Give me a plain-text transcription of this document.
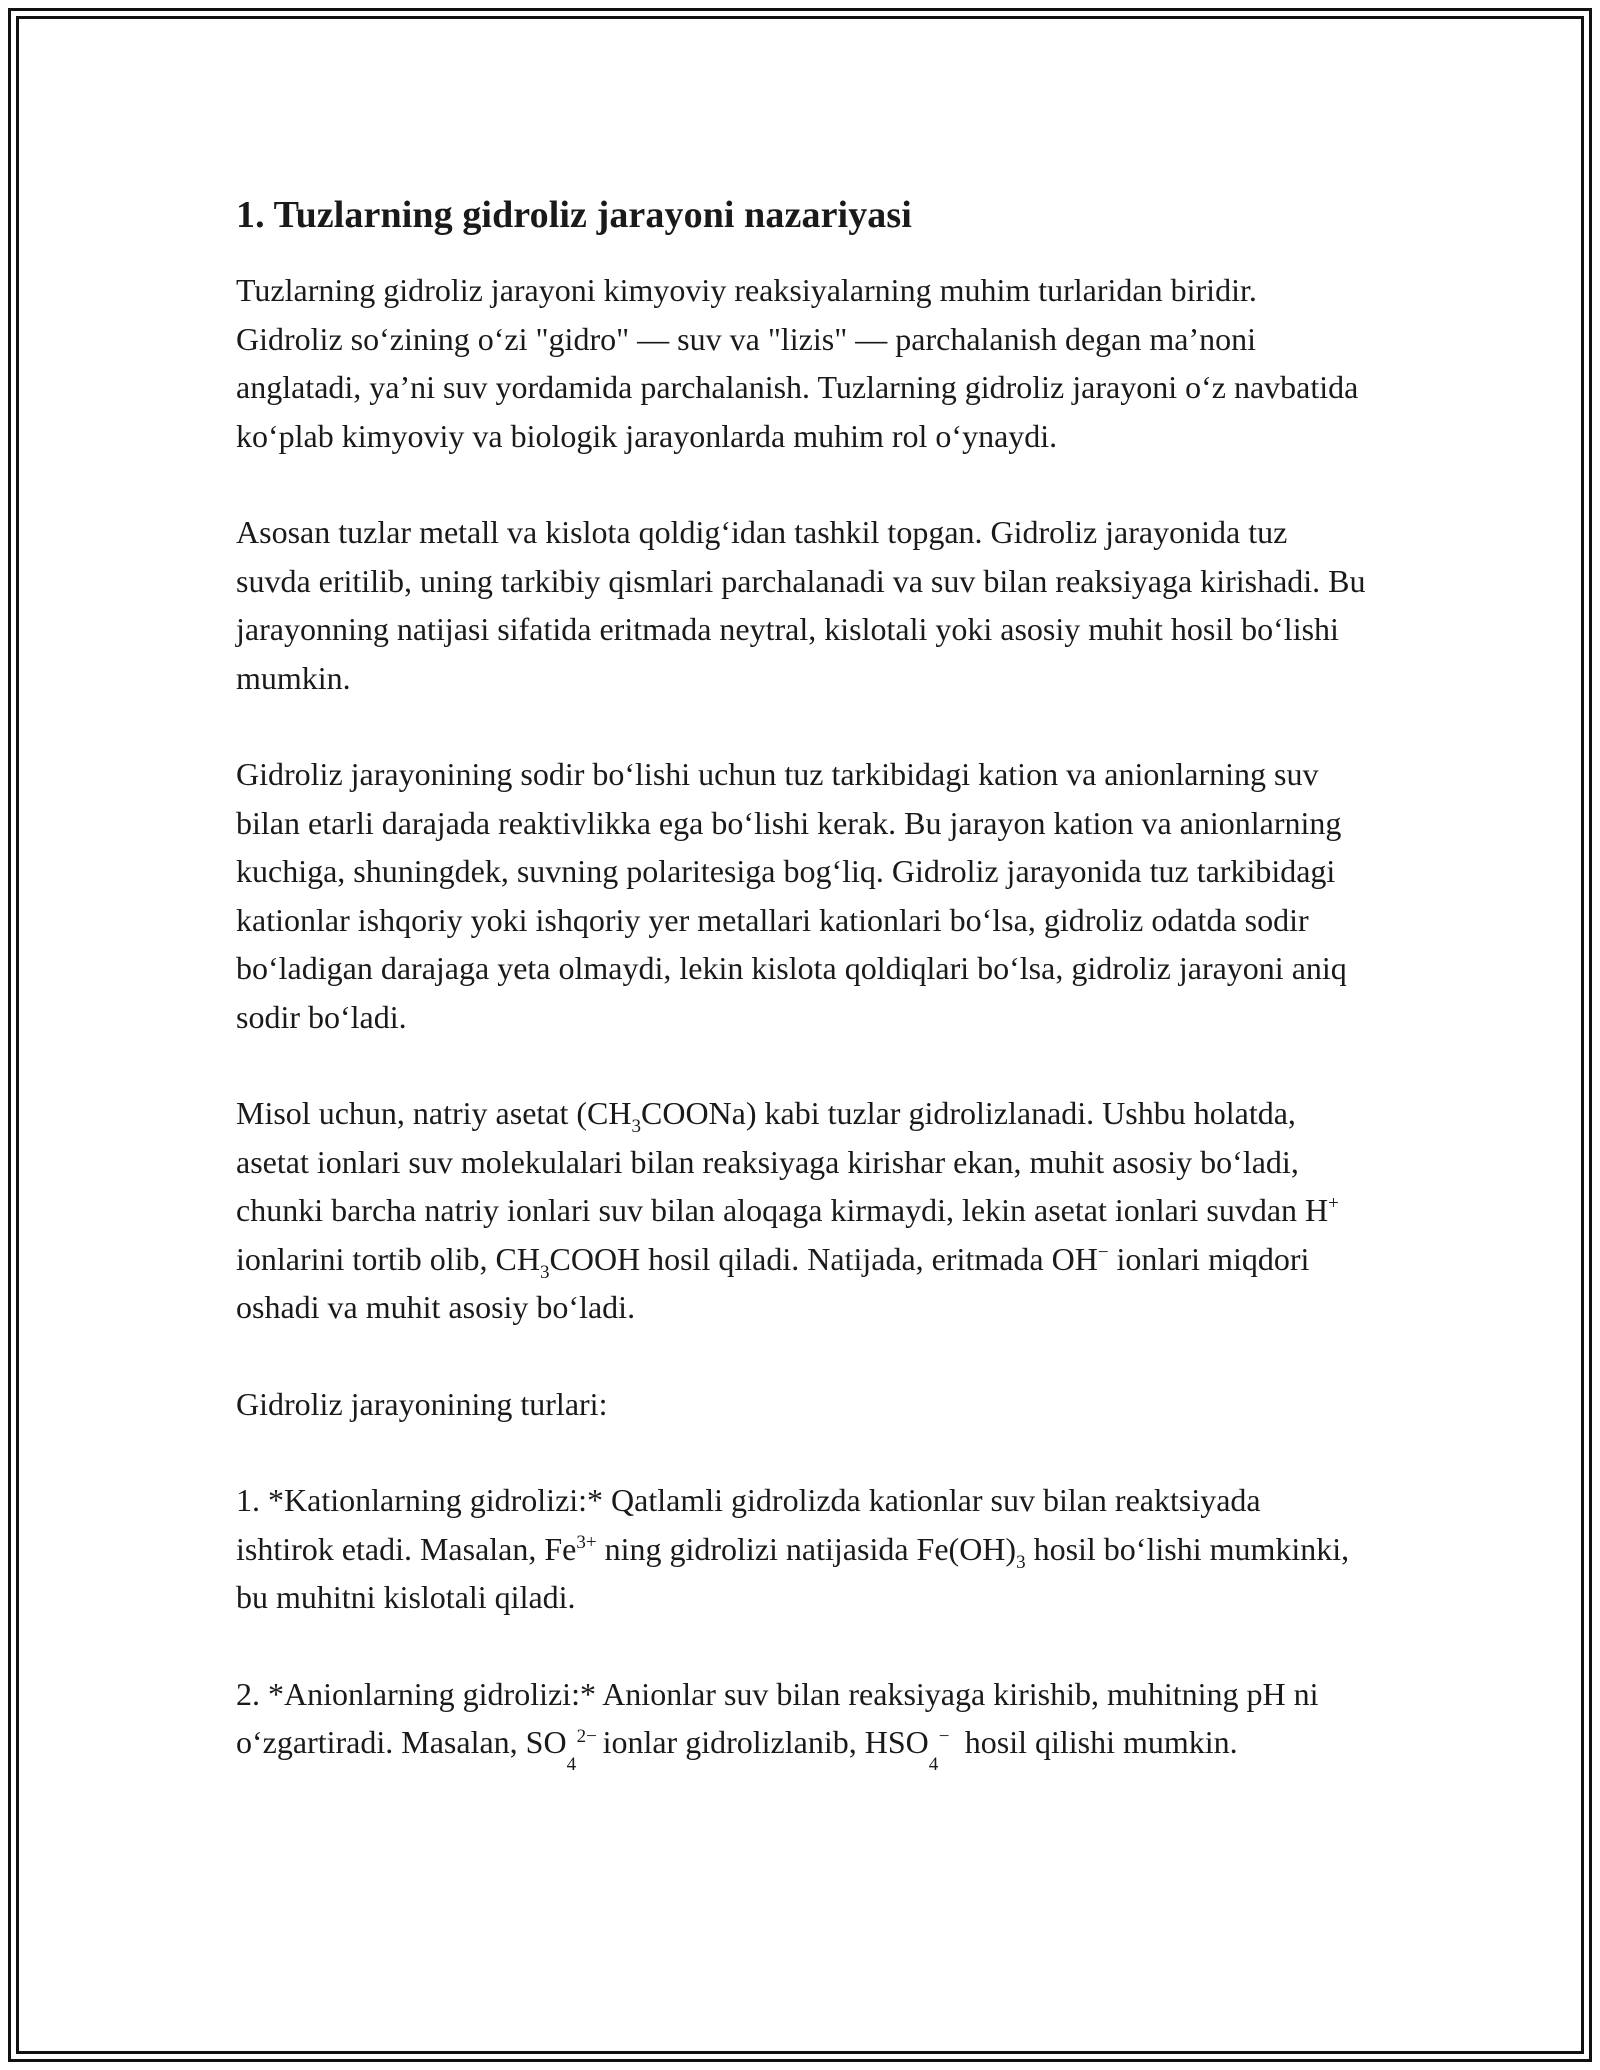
1. Tuzlarning gidroliz jarayoni nazariyasi

Tuzlarning gidroliz jarayoni kimyoviy reaksiyalarning muhim turlaridan biridir. Gidroliz so‘zining o‘zi "gidro" — suv va "lizis" — parchalanish degan ma’noni anglatadi, ya’ni suv yordamida parchalanish. Tuzlarning gidroliz jarayoni o‘z navbatida ko‘plab kimyoviy va biologik jarayonlarda muhim rol o‘ynaydi.

Asosan tuzlar metall va kislota qoldig‘idan tashkil topgan. Gidroliz jarayonida tuz suvda eritilib, uning tarkibiy qismlari parchalanadi va suv bilan reaksiyaga kirishadi. Bu jarayonning natijasi sifatida eritmada neytral, kislotali yoki asosiy muhit hosil bo‘lishi mumkin.

Gidroliz jarayonining sodir bo‘lishi uchun tuz tarkibidagi kation va anionlarning suv bilan etarli darajada reaktivlikka ega bo‘lishi kerak. Bu jarayon kation va anionlarning kuchiga, shuningdek, suvning polaritesiga bog‘liq. Gidroliz jarayonida tuz tarkibidagi kationlar ishqoriy yoki ishqoriy yer metallari kationlari bo‘lsa, gidroliz odatda sodir bo‘ladigan darajaga yeta olmaydi, lekin kislota qoldiqlari bo‘lsa, gidroliz jarayoni aniq sodir bo‘ladi.

Misol uchun, natriy asetat $(CH_3COONa)$ kabi tuzlar gidrolizlanadi. Ushbu holatda, asetat ionlari suv molekulalari bilan reaksiyaga kirishar ekan, muhit asosiy bo‘ladi, chunki barcha natriy ionlari suv bilan aloqaga kirmaydi, lekin asetat ionlari suvdan H+ ionlarini tortib olib, $CH_3COOH$ hosil qiladi. Natijada, eritmada OH− ionlari miqdori oshadi va muhit asosiy bo‘ladi.

Gidroliz jarayonining turlari:

1. *Kationlarning gidrolizi:* Qatlamli gidrolizda kationlar suv bilan reaktsiyada ishtirok etadi. Masalan, $Fe^{3+}$ ning gidrolizi natijasida $Fe(OH)_3$ hosil bo‘lishi mumkinki, bu muhitni kislotali qiladi.

2. *Anionlarning gidrolizi:* Anionlar suv bilan reaksiyaga kirishib, muhitning pH ni o‘zgartiradi. Masalan, SO
4
2−
ionlar gidrolizlanib, HSO
4
− hosil qilishi mumkin.
